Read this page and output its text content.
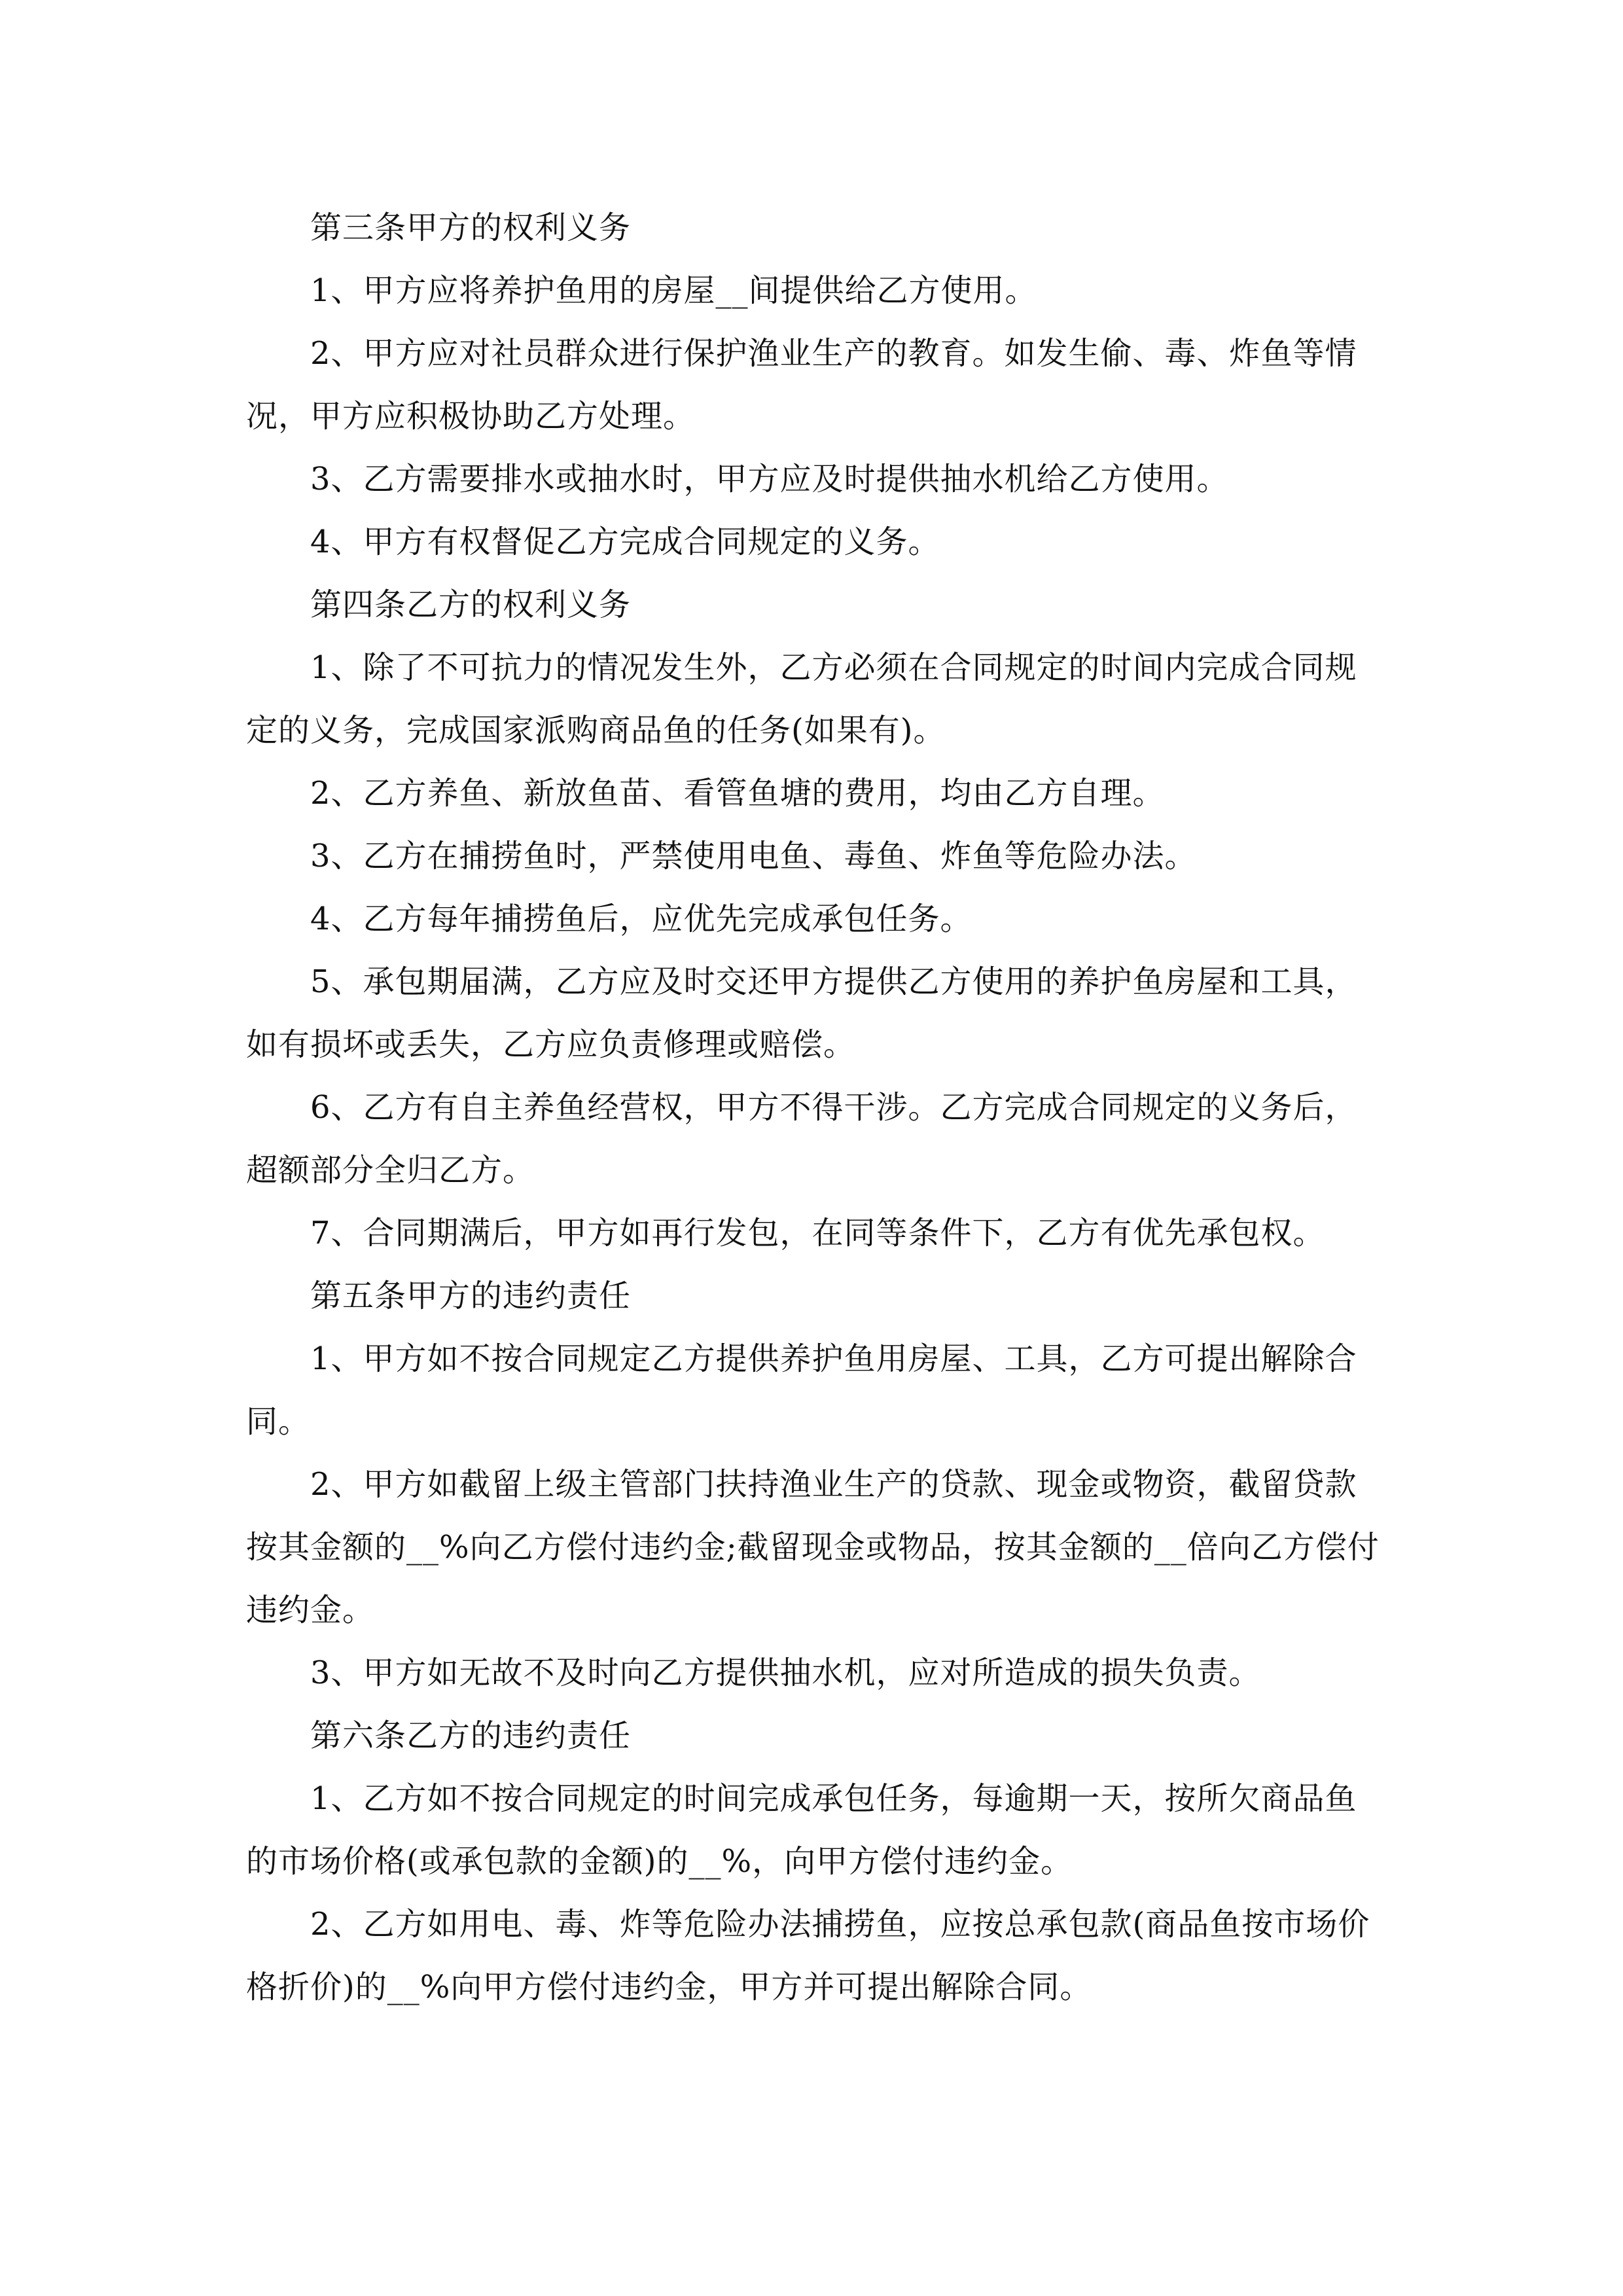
第三条甲方的权利义务

1、甲方应将养护鱼用的房屋__间提供给乙方使用。

2、甲方应对社员群众进行保护渔业生产的教育。如发生偷、毒、炸鱼等情况，甲方应积极协助乙方处理。

3、乙方需要排水或抽水时，甲方应及时提供抽水机给乙方使用。

4、甲方有权督促乙方完成合同规定的义务。

第四条乙方的权利义务

1、除了不可抗力的情况发生外，乙方必须在合同规定的时间内完成合同规定的义务，完成国家派购商品鱼的任务(如果有)。

2、乙方养鱼、新放鱼苗、看管鱼塘的费用，均由乙方自理。

3、乙方在捕捞鱼时，严禁使用电鱼、毒鱼、炸鱼等危险办法。

4、乙方每年捕捞鱼后，应优先完成承包任务。

5、承包期届满，乙方应及时交还甲方提供乙方使用的养护鱼房屋和工具，如有损坏或丢失，乙方应负责修理或赔偿。

6、乙方有自主养鱼经营权，甲方不得干涉。乙方完成合同规定的义务后，超额部分全归乙方。

7、合同期满后，甲方如再行发包，在同等条件下，乙方有优先承包权。

第五条甲方的违约责任

1、甲方如不按合同规定乙方提供养护鱼用房屋、工具，乙方可提出解除合同。

2、甲方如截留上级主管部门扶持渔业生产的贷款、现金或物资，截留贷款按其金额的__%向乙方偿付违约金;截留现金或物品，按其金额的__倍向乙方偿付违约金。

3、甲方如无故不及时向乙方提供抽水机，应对所造成的损失负责。

第六条乙方的违约责任

1、乙方如不按合同规定的时间完成承包任务，每逾期一天，按所欠商品鱼的市场价格(或承包款的金额)的__%，向甲方偿付违约金。

2、乙方如用电、毒、炸等危险办法捕捞鱼，应按总承包款(商品鱼按市场价格折价)的__%向甲方偿付违约金，甲方并可提出解除合同。
